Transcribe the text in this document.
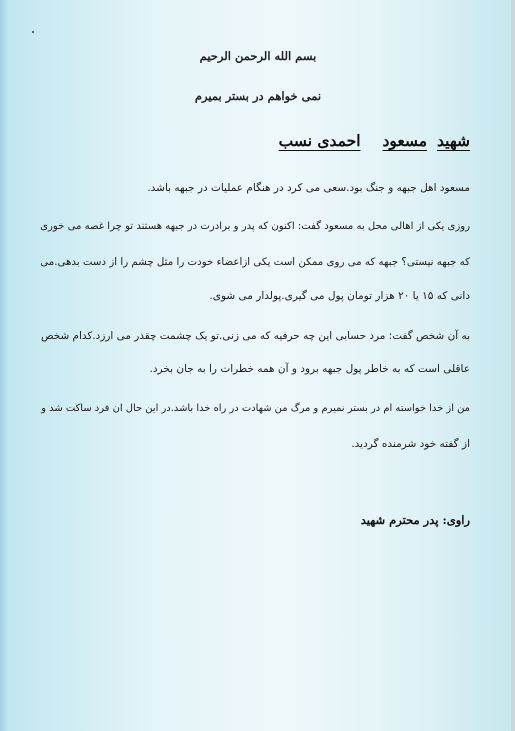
بسم الله الرحمن الرحيم
نمی خواهم در بستر بمیرم
شهیدمسعوداحمدی نسب
مسعود اهل جبهه و جنگ بود.سعی می کرد در هنگام عملیات در جبهه باشد.
روزی یکی از اهالی محل به مسعود گفت: اکنون که پدر و برادرت در جبهه هستند تو چرا غصه می خوری
که جبهه نیستی؟ جبهه که می روی ممکن است یکی ازاعضاء خودت را مثل چشم را از دست بدهی.می
دانی که ۱۵ یا ۲۰ هزار تومان پول می گیری.پولدار می شوی.
به آن شخص گفت: مرد حسابی این چه حرفیه که می زنی.تو یک چشمت چقدر می ارزد.کدام شخص
عاقلی است که به خاطر پول جبهه برود و آن همه خطرات را به جان بخرد.
من از خدا خواسته ام در بستر نمیرم و مرگ من شهادت در راه خدا باشد.در این حال ان فرد ساکت شد و
از گفته خود شرمنده گردید.
راوی: پدر محترم شهید
